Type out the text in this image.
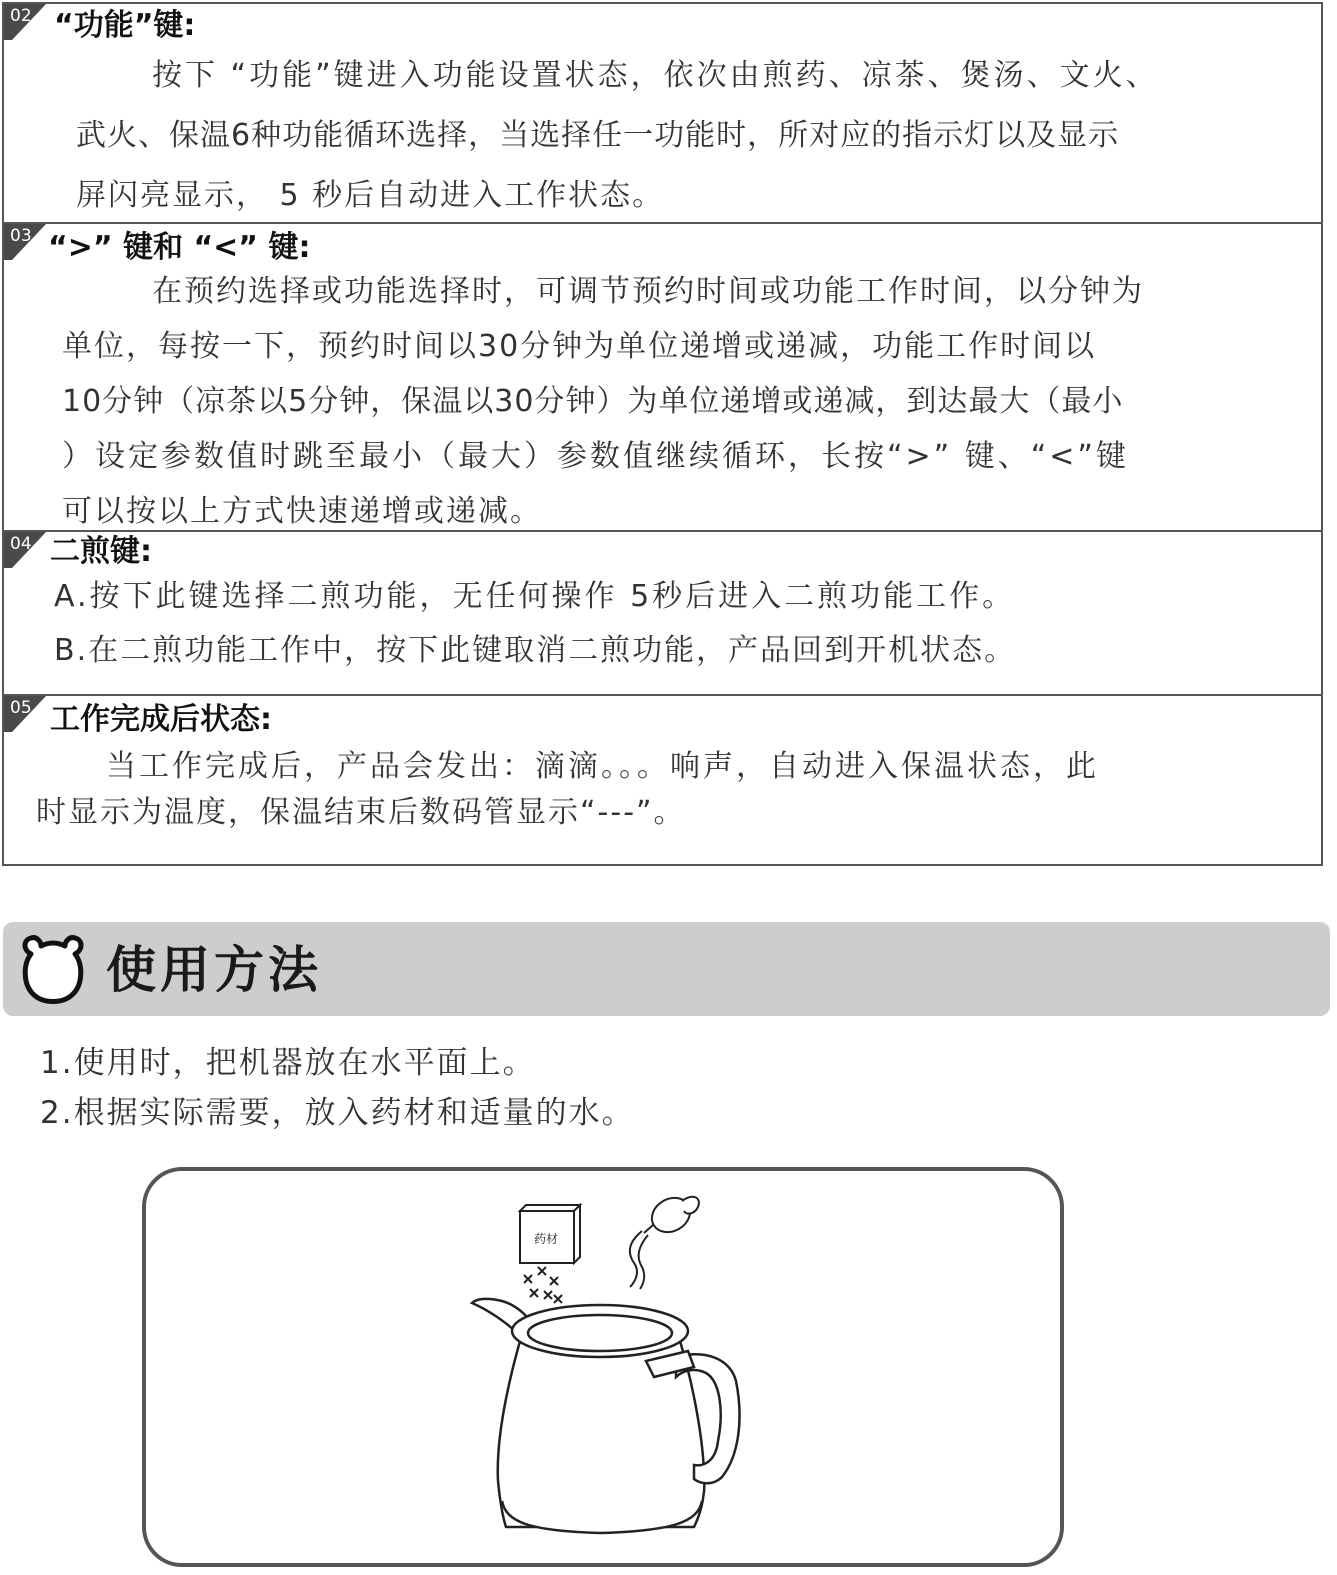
02 “功能”键:
按下 “功能”键进入功能设置状态，依次由煎药、凉茶、煲汤、文火、
武火、保温6种功能循环选择，当选择任一功能时，所对应的指示灯以及显示
屏闪亮显示， 5 秒后自动进入工作状态。
03 “>” 键和 “<” 键:
在预约选择或功能选择时，可调节预约时间或功能工作时间，以分钟为
单位，每按一下，预约时间以30分钟为单位递增或递减，功能工作时间以
10分钟（凉茶以5分钟，保温以30分钟）为单位递增或递减，到达最大（最小
）设定参数值时跳至最小（最大）参数值继续循环，长按“>” 键、“<”键
可以按以上方式快速递增或递减。
04 二煎键:
A.按下此键选择二煎功能，无任何操作 5秒后进入二煎功能工作。
B.在二煎功能工作中，按下此键取消二煎功能，产品回到开机状态。
05 工作完成后状态:
当工作完成后，产品会发出：滴滴。。。响声，自动进入保温状态，此
时显示为温度，保温结束后数码管显示“---”。
使用方法
1.使用时，把机器放在水平面上。
2.根据实际需要，放入药材和适量的水。
药材
